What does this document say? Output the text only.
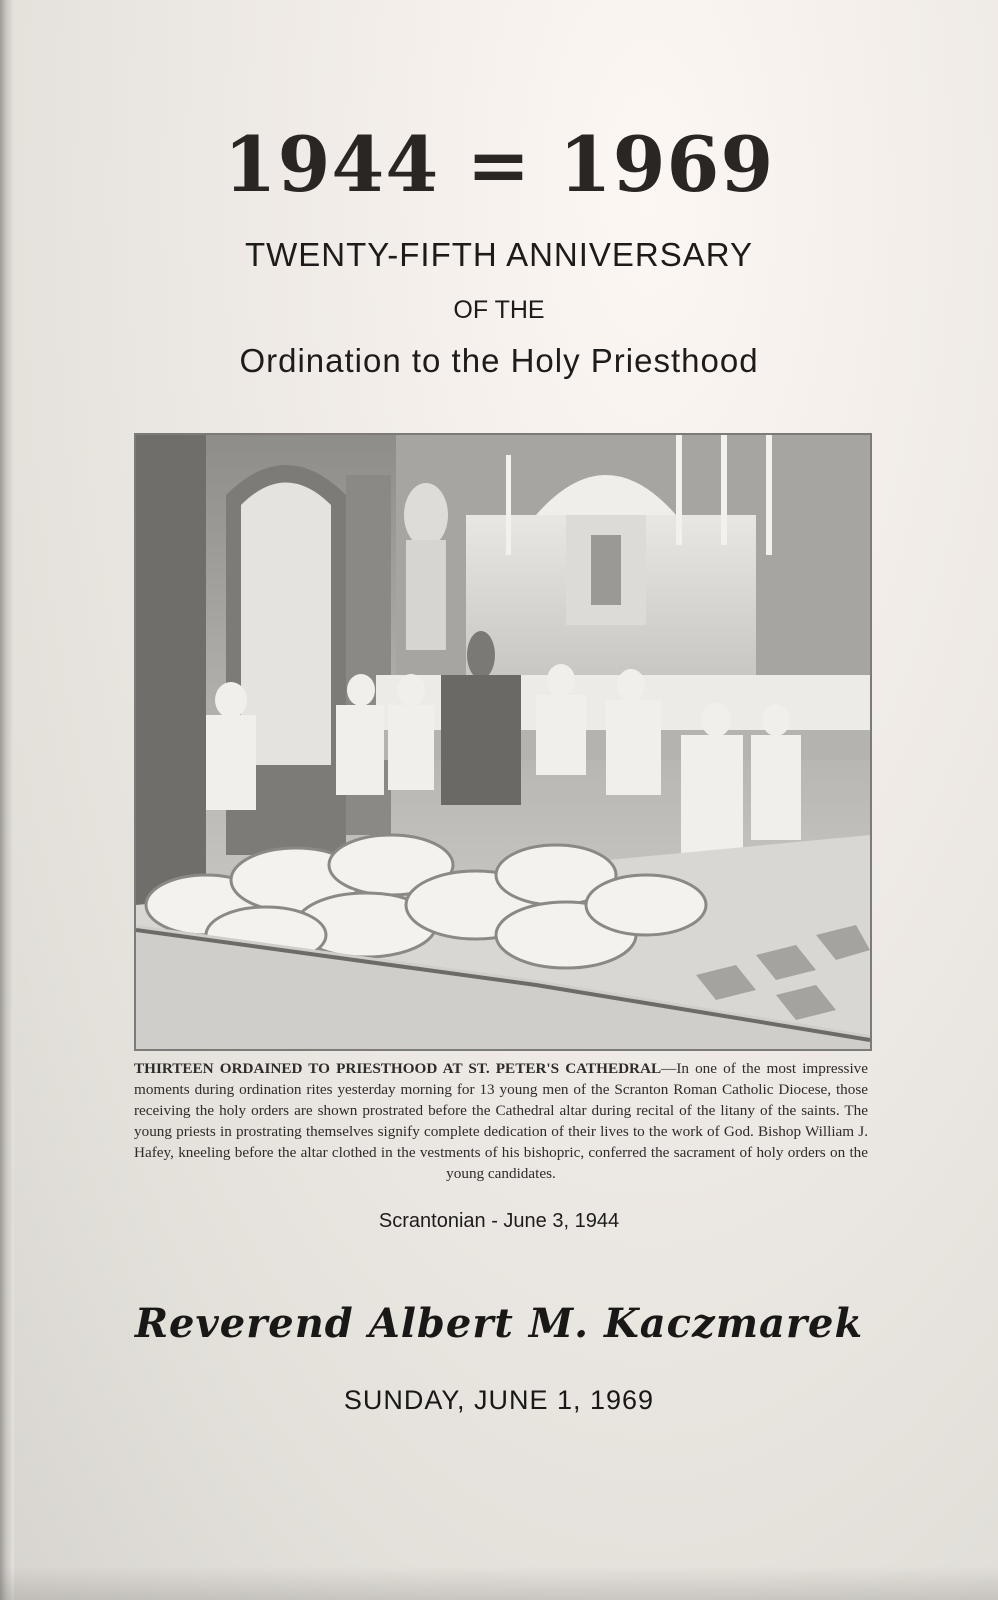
1944 = 1969
TWENTY-FIFTH ANNIVERSARY
OF THE
Ordination to the Holy Priesthood
THIRTEEN ORDAINED TO PRIESTHOOD AT ST. PETER'S CATHEDRAL—In one of the most impressive moments during ordination rites yesterday morning for 13 young men of the Scranton Roman Catholic Diocese, those receiving the holy orders are shown prostrated before the Cathedral altar during recital of the litany of the saints. The young priests in prostrating themselves signify complete dedication of their lives to the work of God. Bishop William J. Hafey, kneeling before the altar clothed in the vestments of his bishopric, conferred the sacrament of holy orders on the young candidates.
Scrantonian - June 3, 1944
Reverend Albert M. Kaczmarek
SUNDAY, JUNE 1, 1969
